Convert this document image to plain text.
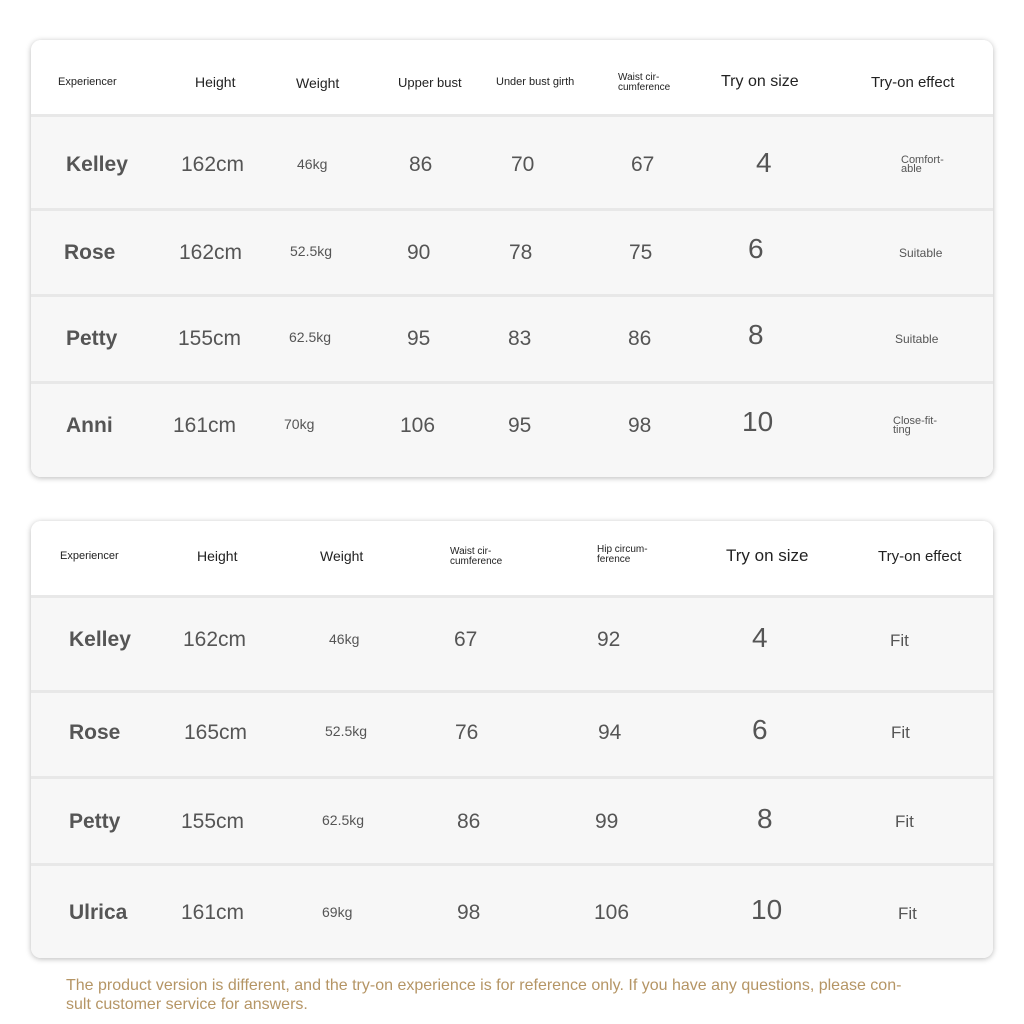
Experiencer	Height	Weight	Upper bust	Under bust girth	Waist cir-
cumference	Try on size	Try-on effect
Kelley	162cm	46kg	86	70	67	4	Comfort-
able
Rose	162cm	52.5kg	90	78	75	6	Suitable
Petty	155cm	62.5kg	95	83	86	8	Suitable
Anni	161cm	70kg	106	95	98	10	Close-fit-
ting
Experiencer	Height	Weight	Waist cir-
cumference
Hip circum-
ference	Try on size	Try-on effect
Kelley 162cm	46kg	67	92	4	Fit
Rose	165cm	52.5kg	76	94	6	Fit
Petty	155cm	62.5kg	86	99	8	Fit
Ulrica	161cm	69kg	98	106	10	Fit
The product version is different, and the try-on experience is for reference only. If you have any questions, please con-
sult customer service for answers.
